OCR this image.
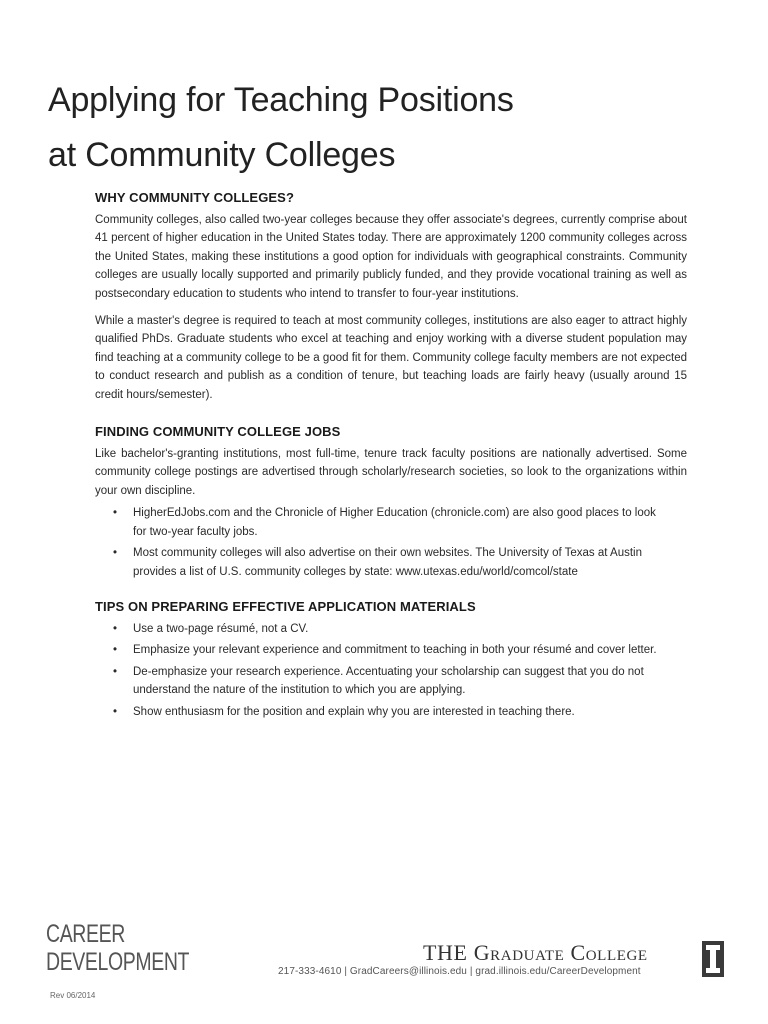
Applying for Teaching Positions
at Community Colleges
WHY COMMUNITY COLLEGES?

Community colleges, also called two-year colleges because they offer associate's degrees, currently comprise about 41 percent of higher education in the United States today. There are approximately 1200 community colleges across the United States, making these institutions a good option for individuals with geographical constraints. Community colleges are usually locally supported and primarily publicly funded, and they provide vocational training as well as postsecondary education to students who intend to transfer to four-year institutions.

While a master's degree is required to teach at most community colleges, institutions are also eager to attract highly qualified PhDs. Graduate students who excel at teaching and enjoy working with a diverse student population may find teaching at a community college to be a good fit for them. Community college faculty members are not expected to conduct research and publish as a condition of tenure, but teaching loads are fairly heavy (usually around 15 credit hours/semester).

FINDING COMMUNITY COLLEGE JOBS

Like bachelor's-granting institutions, most full-time, tenure track faculty positions are nationally advertised. Some community college postings are advertised through scholarly/research societies, so look to the organizations within your own discipline.

• HigherEdJobs.com and the Chronicle of Higher Education (chronicle.com) are also good places to look for two-year faculty jobs.
• Most community colleges will also advertise on their own websites. The University of Texas at Austin provides a list of U.S. community colleges by state: www.utexas.edu/world/comcol/state
TIPS ON PREPARING EFFECTIVE APPLICATION MATERIALS
• Use a two-page résumé, not a CV.
• Emphasize your relevant experience and commitment to teaching in both your résumé and cover letter.
• De-emphasize your research experience. Accentuating your scholarship can suggest that you do not understand the nature of the institution to which you are applying.
• Show enthusiasm for the position and explain why you are interested in teaching there.
CAREER
DEVELOPMENT
Rev 06/2014
THE Graduate College
217-333-4610 | GradCareers@illinois.edu | grad.illinois.edu/CareerDevelopment
